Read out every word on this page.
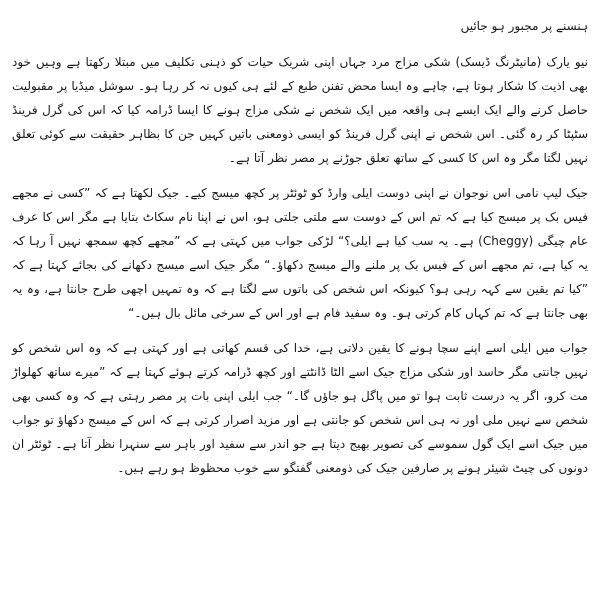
ہنسنے پر مجبور ہو جائیں

نیو یارک (مانیٹرنگ ڈیسک) شکی مزاج مرد جہاں اپنی شریک حیات کو ذہنی تکلیف میں مبتلا رکھتا ہے وہیں خود بھی اذیت کا شکار ہوتا ہے، چاہے وہ ایسا محض تفنن طبع کے لئے ہی کیوں نہ کر رہا ہو۔ سوشل میڈیا پر مقبولیت حاصل کرنے والے ایک ایسے ہی واقعہ میں ایک شخص نے شکی مزاج ہونے کا ایسا ڈرامہ کیا کہ اس کی گرل فرینڈ سٹپٹا کر رہ گئی۔ اس شخص نے اپنی گرل فرینڈ کو ایسی ذومعنی باتیں کہیں جن کا بظاہر حقیقت سے کوئی تعلق نہیں لگتا مگر وہ اس کا کسی کے ساتھ تعلق جوڑنے پر مصر نظر آتا ہے۔

جیک لیپ نامی اس نوجوان نے اپنی دوست ایلی وارڈ کو ٹوئٹر پر کچھ میسج کیے۔ جیک لکھتا ہے کہ ”کسی نے مجھے فیس بک پر میسج کیا ہے کہ تم اس کے دوست سے ملتی جلتی ہو، اس نے اپنا نام سکاٹ بتایا ہے مگر اس کا عرف عام چیگی (Cheggy) ہے۔ یہ سب کیا ہے ایلی؟“ لڑکی جواب میں کہتی ہے کہ ”مجھے کچھ سمجھ نہیں آ رہا کہ یہ کیا ہے، تم مجھے اس کے فیس بک پر ملنے والے میسج دکھاؤ۔“ مگر جیک اسے میسج دکھانے کی بجائے کہتا ہے کہ ”کیا تم یقین سے کہہ رہی ہو؟ کیونکہ اس شخص کی باتوں سے لگتا ہے کہ وہ تمہیں اچھی طرح جانتا ہے، وہ یہ بھی جانتا ہے کہ تم کہاں کام کرتی ہو۔ وہ سفید فام ہے اور اس کے سرخی مائل بال ہیں۔“

جواب میں ایلی اسے اپنے سچا ہونے کا یقین دلاتی ہے، خدا کی قسم کھاتی ہے اور کہتی ہے کہ وہ اس شخص کو نہیں جانتی مگر حاسد اور شکی مزاج جیک اسے الٹا ڈانٹتے اور کچھ ڈرامہ کرتے ہوئے کہتا ہے کہ ”میرے ساتھ کھلواڑ مت کرو، اگر یہ درست ثابت ہوا تو میں پاگل ہو جاؤں گا۔“ جب ایلی اپنی بات پر مصر رہتی ہے کہ وہ کسی بھی شخص سے نہیں ملی اور نہ ہی اس شخص کو جانتی ہے اور مزید اصرار کرتی ہے کہ اس کے میسج دکھاؤ تو جواب میں جیک اسے ایک گول سموسے کی تصویر بھیج دیتا ہے جو اندر سے سفید اور باہر سے سنہرا نظر آتا ہے۔ ٹوئٹر ان دونوں کی چیٹ شیئر ہونے پر صارفین جیک کی ذومعنی گفتگو سے خوب محظوظ ہو رہے ہیں۔
